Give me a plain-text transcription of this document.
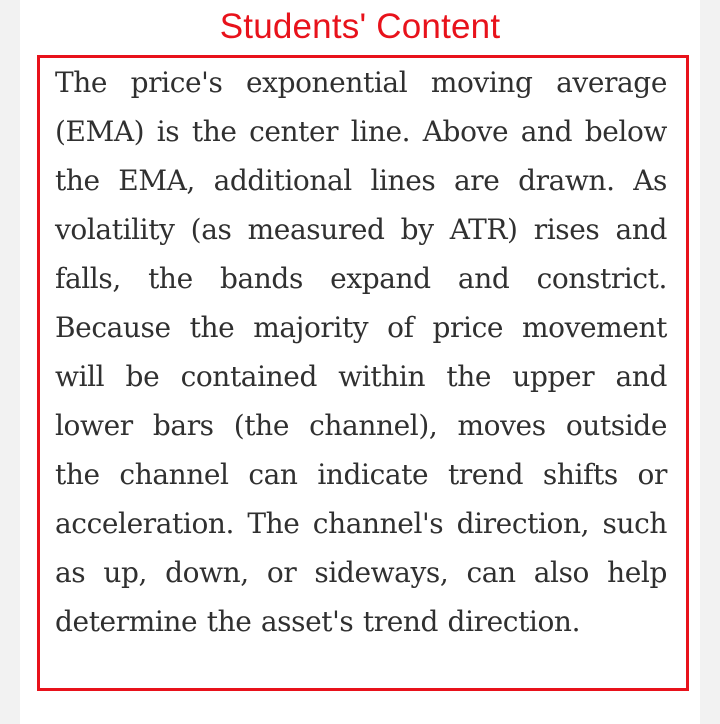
Students' Content

The price's exponential moving average (EMA) is the center line. Above and below the EMA, additional lines are drawn. As volatility (as measured by ATR) rises and falls, the bands expand and constrict. Because the majority of price movement will be contained within the upper and lower bars (the channel), moves outside the channel can indicate trend shifts or acceleration. The channel's direction, such as up, down, or sideways, can also help determine the asset's trend direction.
